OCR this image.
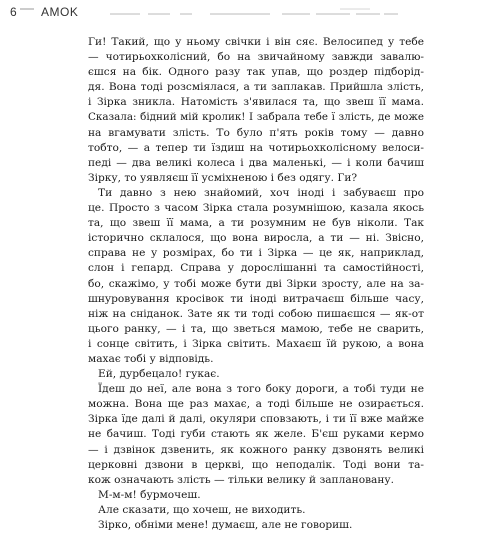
6 AMOK
Ги! Такий, що у ньому свічки і він сяє. Велосипед у тебе
— чотирьохколісний, бо на звичайному завжди завалю-
єшся на бік. Одного разу так упав, що роздер підборід-
дя. Вона тоді розсміялася, а ти заплакав. Прийшла злість,
і Зірка зникла. Натомість з'явилася та, що звеш її мама.
Сказала: бідний мій кролик! І забрала тебе ї злість, де може
на вгамувати злість. То було п'ять років тому — давно
тобто, — а тепер ти їздиш на чотирьохколісному велоси-
педі — два великі колеса і два маленькі, — і коли бачиш
Зірку, то уявляєш її усміхненою і без одягу. Ги?
Ти давно з нею знайомий, хоч іноді і забуваєш про
це. Просто з часом Зірка стала розумнішою, казала якось
та, що звеш її мама, а ти розумним не був ніколи. Так
історично склалося, що вона виросла, а ти — ні. Звісно,
справа не у розмірах, бо ти і Зірка — це як, наприклад,
слон і гепард. Справа у дорослішанні та самостійності,
бо, скажімо, у тобі може бути дві Зірки зросту, але на за-
шнуровування кросівок ти іноді витрачаєш більше часу,
ніж на сніданок. Зате як ти тоді собою пишаєшся — як-от
цього ранку, — і та, що зветься мамою, тебе не сварить,
і сонце світить, і Зірка світить. Махаєш їй рукою, а вона
махає тобі у відповідь.
Ей, дурбецало! гукає.
Їдеш до неї, але вона з того боку дороги, а тобі туди не
можна. Вона ще раз махає, а тоді більше не озирається.
Зірка їде далі й далі, окуляри сповзають, і ти її вже майже
не бачиш. Тоді губи стають як желе. Б'єш руками кермо
— і дзвінок дзвенить, як кожного ранку дзвонять великі
церковні дзвони в церкві, що неподалік. Тоді вони та-
кож означають злість — тільки велику й заплановану.
М-м-м! бурмочеш.
Але сказати, що хочеш, не виходить.
Зірко, обніми мене! думаєш, але не говориш.
